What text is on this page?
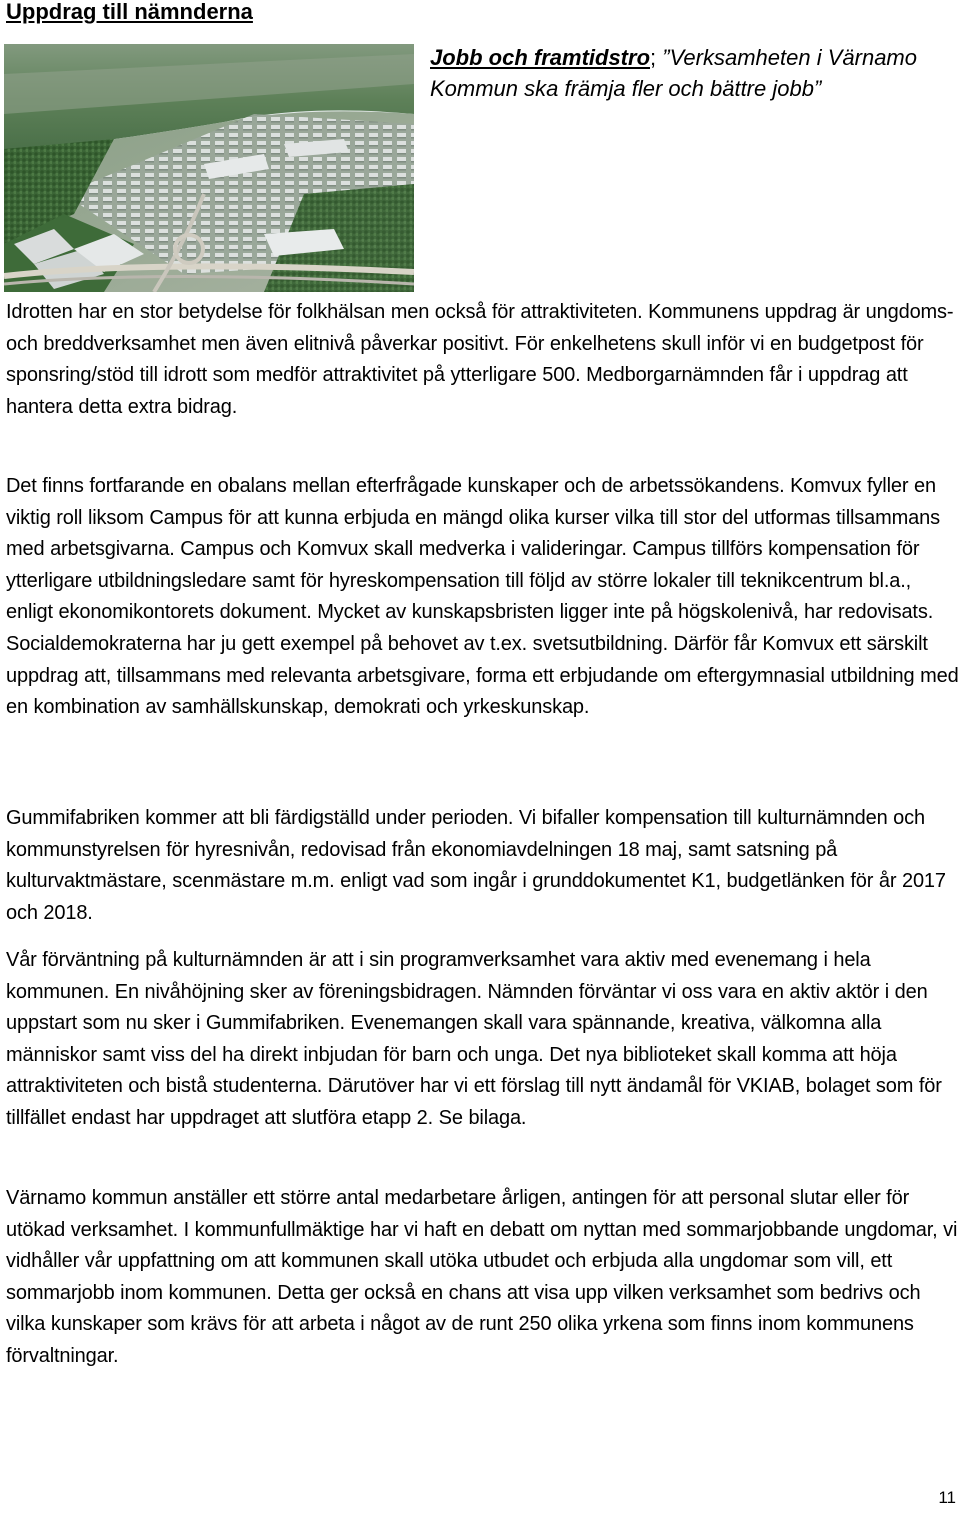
Uppdrag till nämnderna

Jobb och framtidstro; ”Verksamheten i Värnamo Kommun ska främja fler och bättre jobb”

Idrotten har en stor betydelse för folkhälsan men också för attraktiviteten. Kommunens uppdrag är ungdoms- och breddverksamhet men även elitnivå påverkar positivt. För enkelhetens skull inför vi en budgetpost för sponsring/stöd till idrott som medför attraktivitet på ytterligare 500. Medborgarnämnden får i uppdrag att hantera detta extra bidrag.

Det finns fortfarande en obalans mellan efterfrågade kunskaper och de arbetssökandens. Komvux fyller en viktig roll liksom Campus för att kunna erbjuda en mängd olika kurser vilka till stor del utformas tillsammans med arbetsgivarna. Campus och Komvux skall medverka i valideringar. Campus tillförs kompensation för ytterligare utbildningsledare samt för hyreskompensation till följd av större lokaler till teknikcentrum bl.a., enligt ekonomikontorets dokument. Mycket av kunskapsbristen ligger inte på högskolenivå, har redovisats. Socialdemokraterna har ju gett exempel på behovet av t.ex. svetsutbildning. Därför får Komvux ett särskilt uppdrag att, tillsammans med relevanta arbetsgivare, forma ett erbjudande om eftergymnasial utbildning med en kombination av samhällskunskap, demokrati och yrkeskunskap.

Gummifabriken kommer att bli färdigställd under perioden. Vi bifaller kompensation till kulturnämnden och kommunstyrelsen för hyresnivån, redovisad från ekonomiavdelningen 18 maj, samt satsning på kulturvaktmästare, scenmästare m.m. enligt vad som ingår i grunddokumentet K1, budgetlänken för år 2017 och 2018.

Vår förväntning på kulturnämnden är att i sin programverksamhet vara aktiv med evenemang i hela kommunen. En nivåhöjning sker av föreningsbidragen. Nämnden förväntar vi oss vara en aktiv aktör i den uppstart som nu sker i Gummifabriken. Evenemangen skall vara spännande, kreativa, välkomna alla människor samt viss del ha direkt inbjudan för barn och unga. Det nya biblioteket skall komma att höja attraktiviteten och bistå studenterna. Därutöver har vi ett förslag till nytt ändamål för VKIAB, bolaget som för tillfället endast har uppdraget att slutföra etapp 2. Se bilaga.

Värnamo kommun anställer ett större antal medarbetare årligen, antingen för att personal slutar eller för utökad verksamhet. I kommunfullmäktige har vi haft en debatt om nyttan med sommarjobbande ungdomar, vi vidhåller vår uppfattning om att kommunen skall utöka utbudet och erbjuda alla ungdomar som vill, ett sommarjobb inom kommunen. Detta ger också en chans att visa upp vilken verksamhet som bedrivs och vilka kunskaper som krävs för att arbeta i något av de runt 250 olika yrkena som finns inom kommunens förvaltningar.

11
